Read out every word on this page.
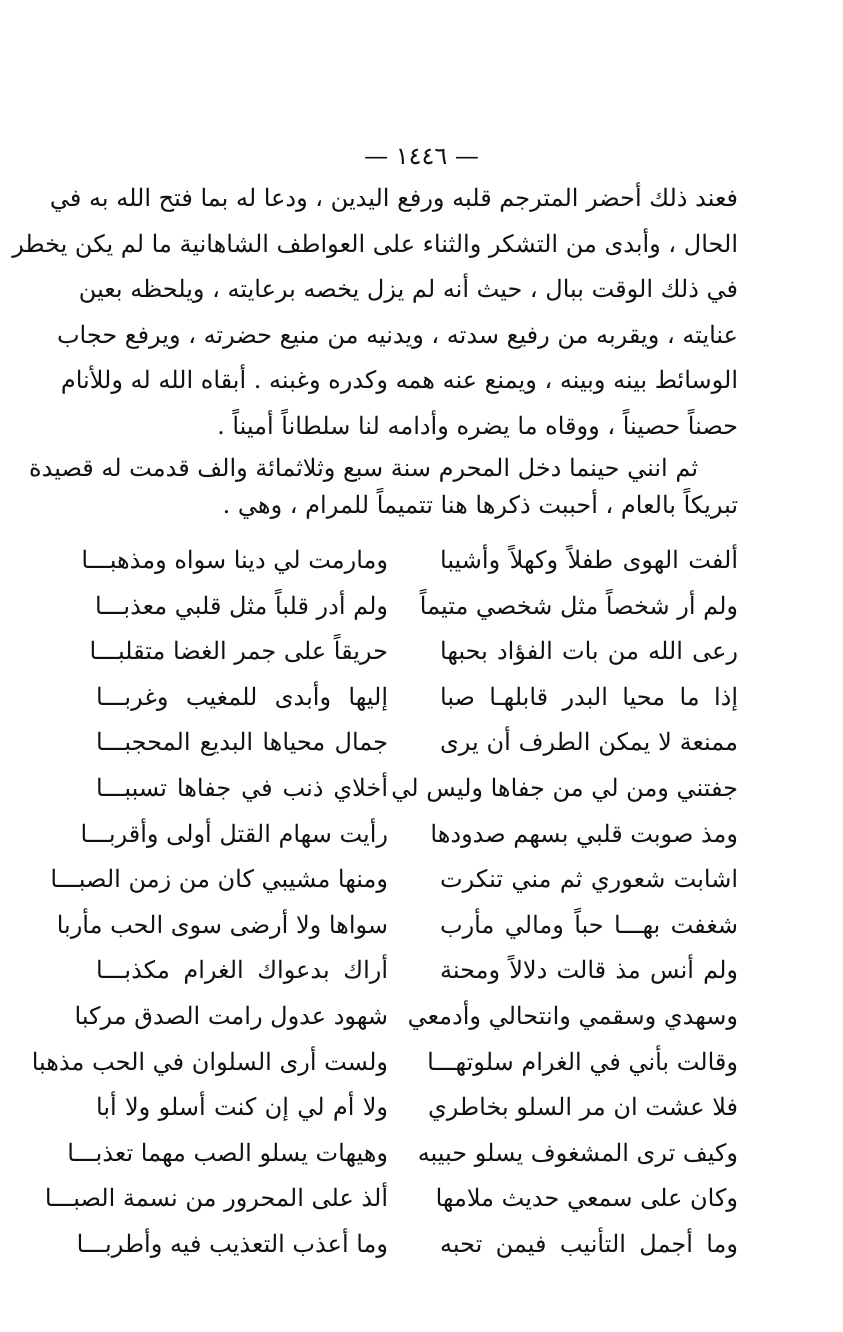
— ١٤٤٦ —
فعند ذلك أحضر المترجم قلبه ورفع اليدين ، ودعا له بما فتح الله به في
الحال ، وأبدى من التشكر والثناء على العواطف الشاهانية ما لم يكن يخطر
في ذلك الوقت ببال ، حيث أنه لم يزل يخصه برعايته ، ويلحظه بعين
عنايته ، ويقربه من رفيع سدته ، ويدنيه من منيع حضرته ، ويرفع حجاب
الوسائط بينه وبينه ، ويمنع عنه همه وكدره وغبنه . أبقاه الله له وللأنام
حصناً حصيناً ، ووقاه ما يضره وأدامه لنا سلطاناً أميناً .
ثم انني حينما دخل المحرم سنة سبع وثلاثمائة والف قدمت له قصيدة
تبريكاً بالعام ، أحببت ذكرها هنا تتميماً للمرام ، وهي .
ألفت الهوى طفلاً وكهلاً وأشيبا
ومارمت لي دينا سواه ومذهبـــا
ولم أر شخصاً مثل شخصي متيماً
ولم أدر قلباً مثل قلبي معذبـــا
رعى الله من بات الفؤاد بحبها
حريقاً على جمر الغضا متقلبـــا
إذا ما محيا البدر قابلهـا صبا
إليها وأبدى للمغيب وغربـــا
ممنعة لا يمكن الطرف أن يرى
جمال محياها البديع المحجبـــا
جفتني ومن لي من جفاها وليس لي
أخلاي ذنب في جفاها تسببـــا
ومذ صوبت قلبي بسهم صدودها
رأيت سهام القتل أولى وأقربـــا
اشابت شعوري ثم مني تنكرت
ومنها مشيبي كان من زمن الصبـــا
شغفت بهـــا حباً ومالي مأرب
سواها ولا أرضى سوى الحب مأربا
ولم أنس مذ قالت دلالاً ومحنة
أراك بدعواك الغرام مكذبـــا
وسهدي وسقمي وانتحالي وأدمعي
شهود عدول رامت الصدق مركبا
وقالت بأني في الغرام سلوتهـــا
ولست أرى السلوان في الحب مذهبا
فلا عشت ان مر السلو بخاطري
ولا أم لي إن كنت أسلو ولا أبا
وكيف ترى المشغوف يسلو حبيبه
وهيهات يسلو الصب مهما تعذبـــا
وكان على سمعي حديث ملامها
ألذ على المحرور من نسمة الصبـــا
وما أجمل التأنيب فيمن تحبه
وما أعذب التعذيب فيه وأطربـــا
